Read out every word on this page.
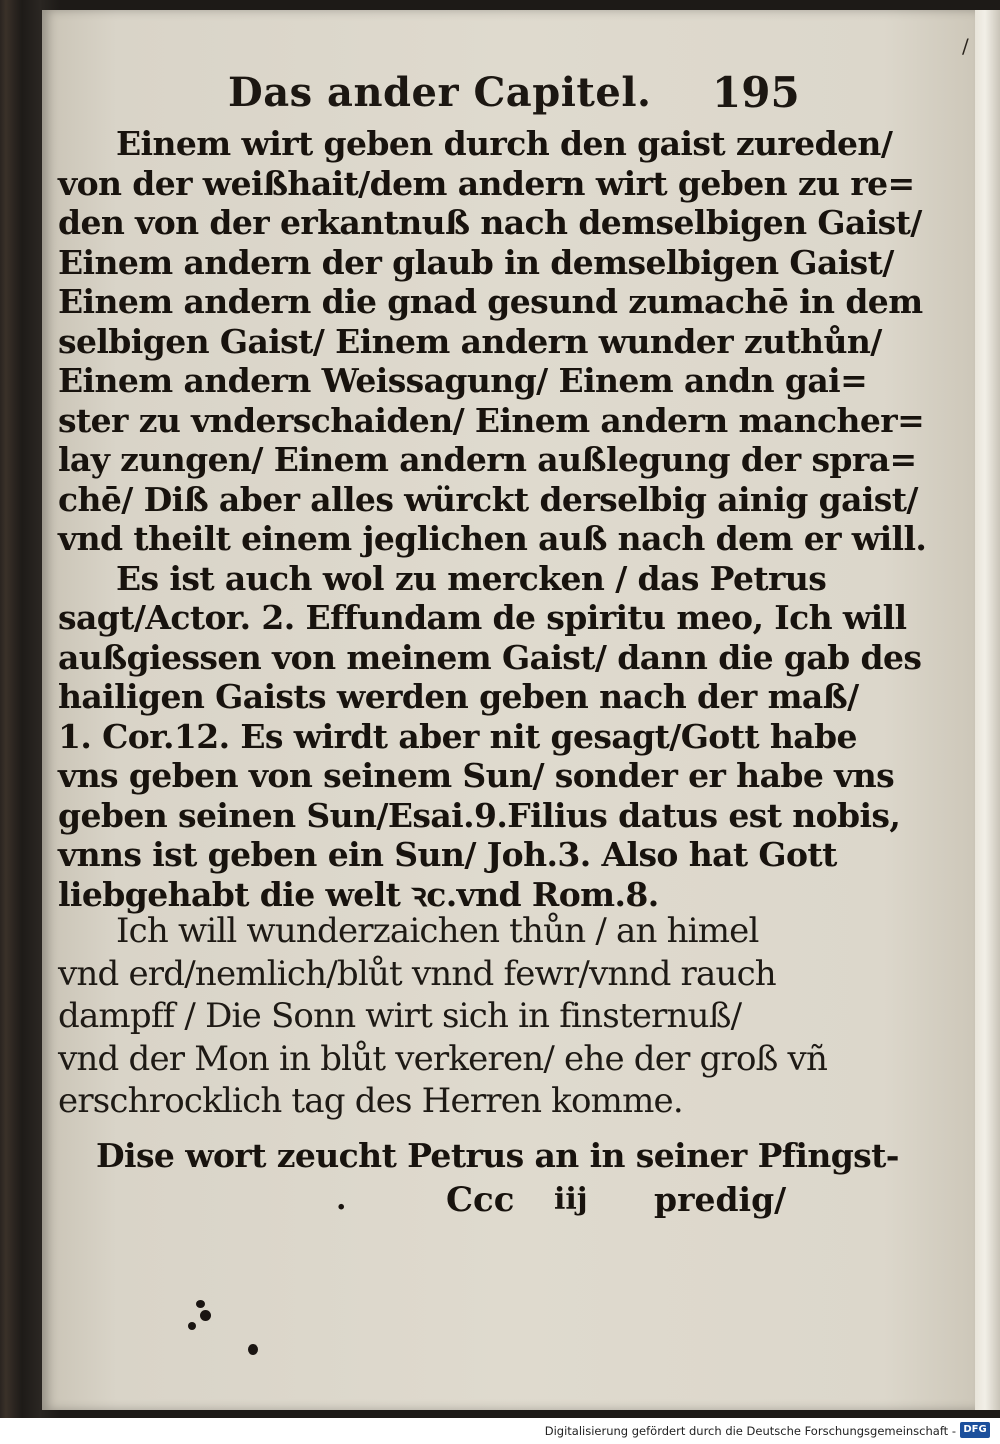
/
Das ander Capitel. 195
Einem wirt geben durch den gaist zureden/
von der weißhait/dem andern wirt geben zu re=
den von der erkantnuß nach demselbigen Gaist/
Einem andern der glaub in demselbigen Gaist/
Einem andern die gnad gesund zumachē in dem
selbigen Gaist/ Einem andern wunder zuthůn/
Einem andern Weissagung/ Einem andn gai=
ster zu vnderschaiden/ Einem andern mancher=
lay zungen/ Einem andern außlegung der spra=
chē/ Diß aber alles würckt derselbig ainig gaist/
vnd theilt einem jeglichen auß nach dem er will.
Es ist auch wol zu mercken / das Petrus
sagt/Actor. 2. Effundam de spiritu meo, Ich will
außgiessen von meinem Gaist/ dann die gab des
hailigen Gaists werden geben nach der maß/
1. Cor.12. Es wirdt aber nit gesagt/Gott habe
vns geben von seinem Sun/ sonder er habe vns
geben seinen Sun/Esai.9.Filius datus est nobis,
vnns ist geben ein Sun/ Joh.3. Also hat Gott
liebgehabt die welt ꝛc.vnd Rom.8.
Ich will wunderzaichen thůn / an himel
vnd erd/nemlich/blůt vnnd fewr/vnnd rauch
dampff / Die Sonn wirt sich in finsternuß/
vnd der Mon in blůt verkeren/ ehe der groß vñ
erschrocklich tag des Herren komme.
Dise wort zeucht Petrus an in seiner Pfingst-
.	Ccc iij predig/
Digitalisierung gefördert durch die Deutsche Forschungsgemeinschaft - DFG
